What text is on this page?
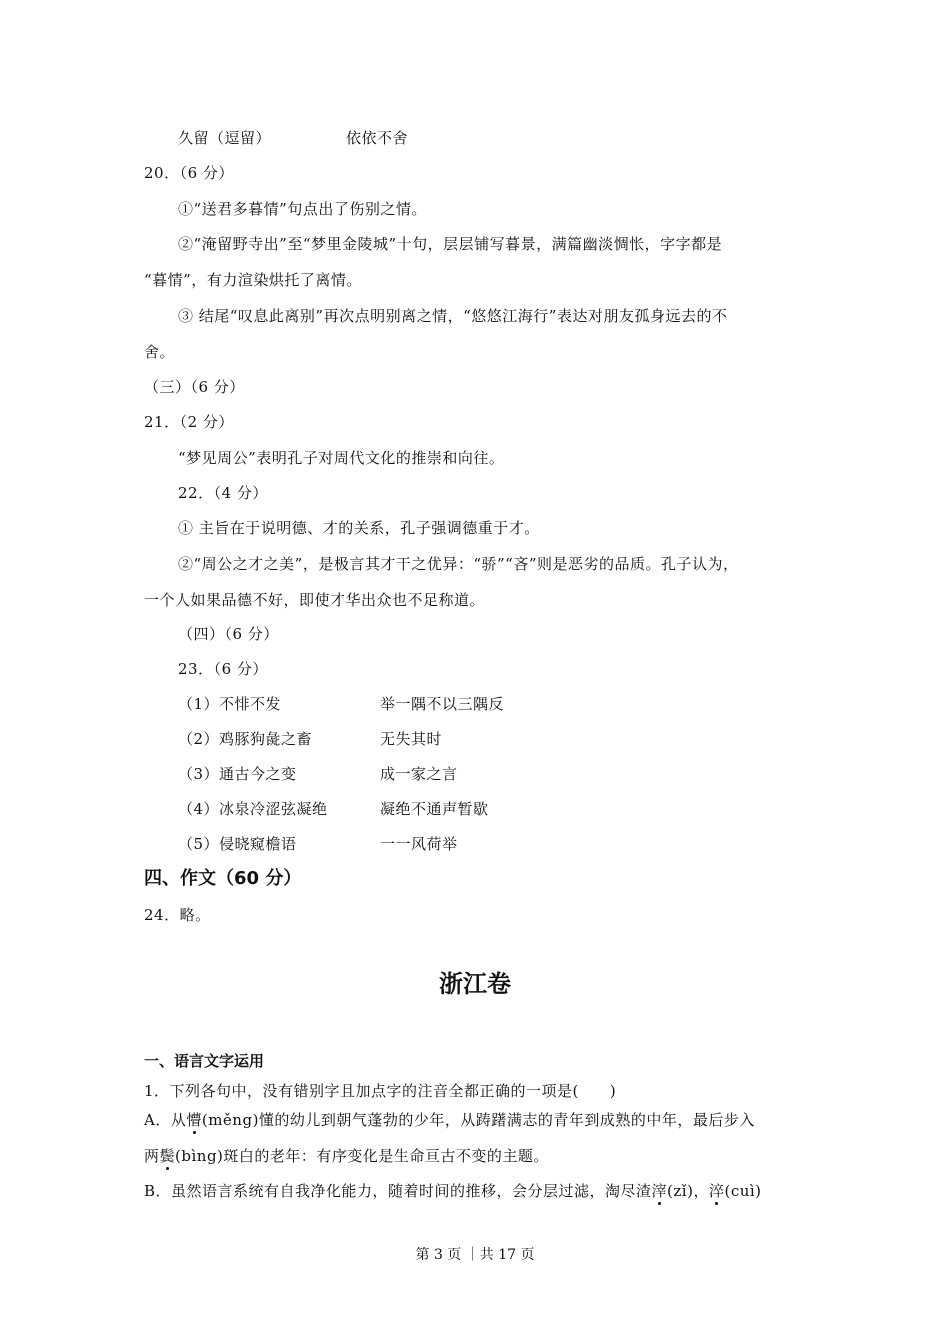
久留（逗留）	依依不舍
20．（6 分）
①“送君多暮情”句点出了伤别之情。
②“淹留野寺出”至“梦里金陵城”十句，层层铺写暮景，满篇幽淡惆怅，字字都是
“暮情”，有力渲染烘托了离情。
③ 结尾“叹息此离别”再次点明别离之情，“悠悠江海行”表达对朋友孤身远去的不
舍。
（三）（6 分）
21．（2 分）
“梦见周公”表明孔子对周代文化的推崇和向往。
22．（4 分）
① 主旨在于说明德、才的关系，孔子强调德重于才。
②“周公之才之美”，是极言其才干之优异：“骄”“吝”则是恶劣的品质。孔子认为，
一个人如果品德不好，即使才华出众也不足称道。
（四）（6 分）
23．（6 分）
（1）不悱不发	举一隅不以三隅反
（2）鸡豚狗彘之畜	无失其时
（3）通古今之变	成一家之言
（4）冰泉冷涩弦凝绝	凝绝不通声暂歇
（5）侵晓窥檐语	一一风荷举
四、作文（60 分）
24．略。
浙江卷
一、语言文字运用
1．下列各句中，没有错别字且加点字的注音全都正确的一项是(　　)
A．从懵(měng)懂的幼儿到朝气蓬勃的少年，从踌躇满志的青年到成熟的中年，最后步入
两鬓(bìng)斑白的老年：有序变化是生命亘古不变的主题。
B．虽然语言系统有自我净化能力，随着时间的推移，会分层过滤，淘尽渣滓(zǐ)，淬(cuì)
第 3 页 ｜共 17 页
